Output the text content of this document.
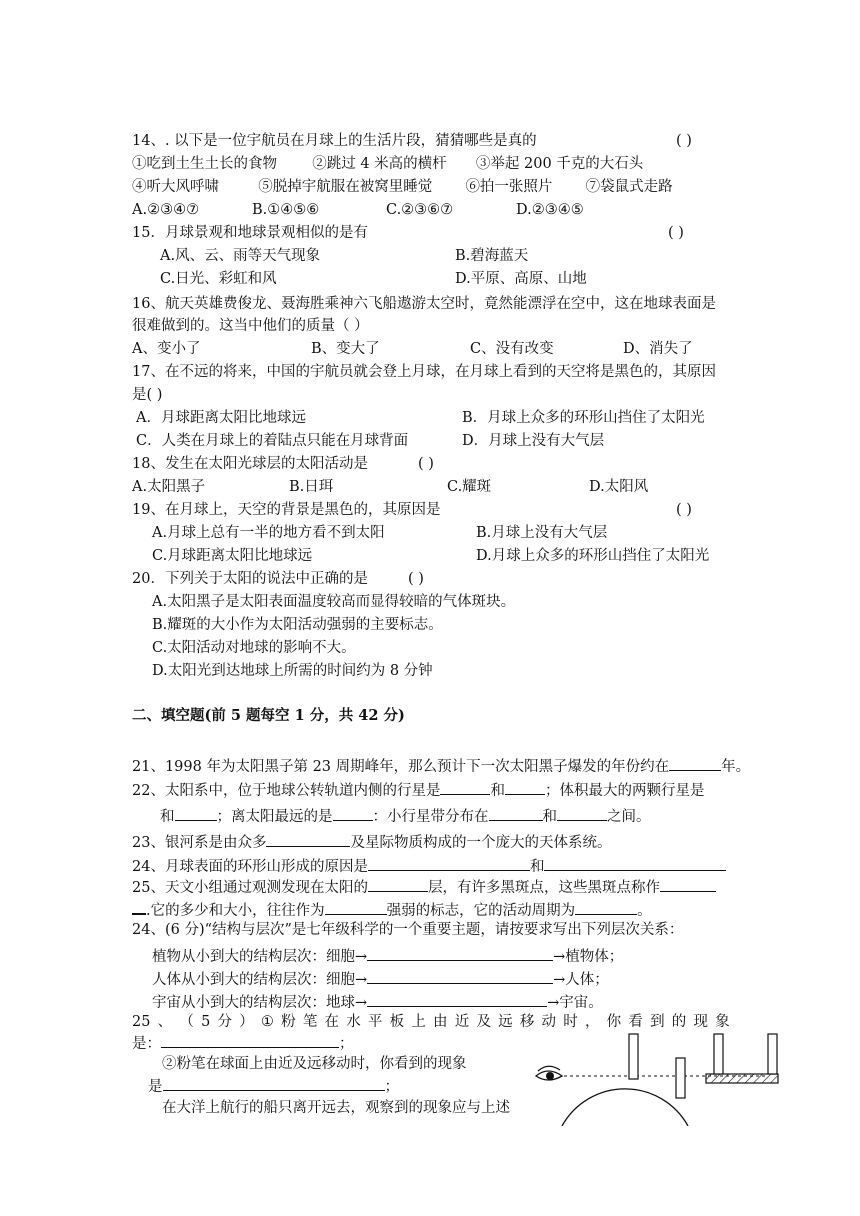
14、. 以下是一位宇航员在月球上的生活片段，猜猜哪些是真的	( )
①吃到土生土长的食物 ②跳过 4 米高的横杆 ③举起 200 千克的大石头
④听大风呼啸	⑤脱掉宇航服在被窝里睡觉 ⑥拍一张照片 ⑦袋鼠式走路
A.②③④⑦	B.①④⑤⑥	C.②③⑥⑦	D.②③④⑤
15．月球景观和地球景观相似的是有	( )
A.风、云、雨等天气现象	B.碧海蓝天
C.日光、彩虹和风	D.平原、高原、山地
16、航天英雄费俊龙、聂海胜乘神六飞船遨游太空时，竟然能漂浮在空中，这在地球表面是
很难做到的。这当中他们的质量（ ）
A、变小了	B、变大了	C、没有改变	D、消失了
17、在不远的将来，中国的宇航员就会登上月球，在月球上看到的天空将是黑色的，其原因
是( )
A．月球距离太阳比地球远	B．月球上众多的环形山挡住了太阳光
C．人类在月球上的着陆点只能在月球背面	D．月球上没有大气层
18、发生在太阳光球层的太阳活动是	( )
A.太阳黑子	B.日珥	C.耀斑	D.太阳风
19、在月球上，天空的背景是黑色的，其原因是	( )
A.月球上总有一半的地方看不到太阳	B.月球上没有大气层
C.月球距离太阳比地球远	D.月球上众多的环形山挡住了太阳光
20．下列关于太阳的说法中正确的是	( )
A.太阳黑子是太阳表面温度较高而显得较暗的气体斑块。
B.耀斑的大小作为太阳活动强弱的主要标志。
C.太阳活动对地球的影响不大。
D.太阳光到达地球上所需的时间约为 8 分钟
二、填空题(前 5 题每空 1 分，共 42 分)
21、1998 年为太阳黑子第 23 周期峰年，那么预计下一次太阳黑子爆发的年份约在	年。
22、太阳系中，位于地球公转轨道内侧的行星是	和	；体积最大的两颗行星是
和	；离太阳最远的是	：小行星带分布在	和	之间。
23、银河系是由众多	及星际物质构成的一个庞大的天体系统。
24、月球表面的环形山形成的原因是	和
25、天文小组通过观测发现在太阳的	层，有许多黑斑点，这些黑斑点称作
.它的多少和大小，往往作为	强弱的标志，它的活动周期为	。
24、(6 分)“结构与层次”是七年级科学的一个重要主题，请按要求写出下列层次关系：
植物从小到大的结构层次：细胞→	→植物体；
人体从小到大的结构层次：细胞→	→人体；
宇宙从小到大的结构层次：地球→	→宇宙。
25 、 （ 5 分 ） ① 粉 笔 在 水 平 板 上 由 近 及 远 移 动 时 ， 你 看 到 的 现 象
是：	；
②粉笔在球面上由近及远移动时，你看到的现象
是	；
在大洋上航行的船只离开远去，观察到的现象应与上述
